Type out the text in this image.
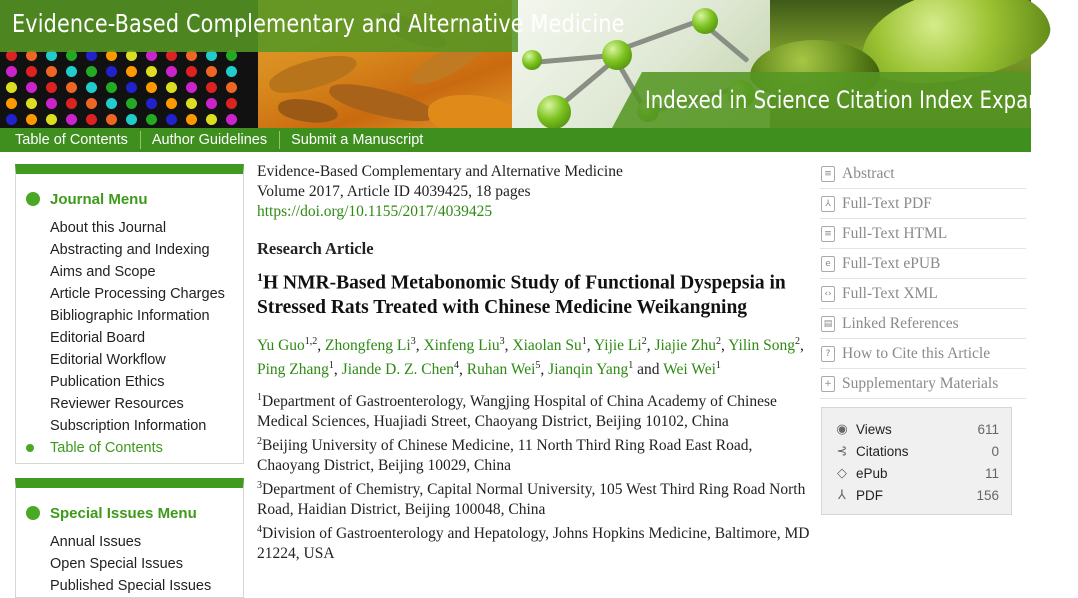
Evidence-Based Complementary and Alternative Medicine
Indexed in Science Citation Index Expanded
Table of Contents	Author Guidelines	Submit a Manuscript
Journal Menu
About this Journal
Abstracting and Indexing
Aims and Scope
Article Processing Charges
Bibliographic Information
Editorial Board
Editorial Workflow
Publication Ethics
Reviewer Resources
Subscription Information
Table of Contents
Special Issues Menu
Annual Issues
Open Special Issues
Published Special Issues
Evidence-Based Complementary and Alternative Medicine
Volume 2017, Article ID 4039425, 18 pages
https://doi.org/10.1155/2017/4039425
Research Article
$^1$H NMR-Based Metabonomic Study of Functional Dyspepsia in Stressed Rats Treated with Chinese Medicine Weikangning
Yu Guo$^{1,2}$, Zhongfeng Li$^3$, Xinfeng Liu$^3$, Xiaolan Su$^1$, Yijie Li$^2$, Jiajie Zhu$^2$, Yilin Song$^2$, Ping Zhang$^1$, Jiande D. Z. Chen$^4$, Ruhan Wei$^5$, Jianqin Yang$^1$ and Wei Wei$^1$
$^1$Department of Gastroenterology, Wangjing Hospital of China Academy of Chinese Medical Sciences, Huajiadi Street, Chaoyang District, Beijing 10102, China
$^2$Beijing University of Chinese Medicine, 11 North Third Ring Road East Road, Chaoyang District, Beijing 10029, China
$^3$Department of Chemistry, Capital Normal University, 105 West Third Ring Road North Road, Haidian District, Beijing 100048, China
$^4$Division of Gastroenterology and Hepatology, Johns Hopkins Medicine, Baltimore, MD 21224, USA
≡ Abstract
⅄ Full-Text PDF
≡ Full-Text HTML
e Full-Text ePUB
‹› Full-Text XML
▤ Linked References
? How to Cite this Article
+ Supplementary Materials
◉ Views	611
⊰ Citations	0
◇ ePub	11
⅄ PDF	156
